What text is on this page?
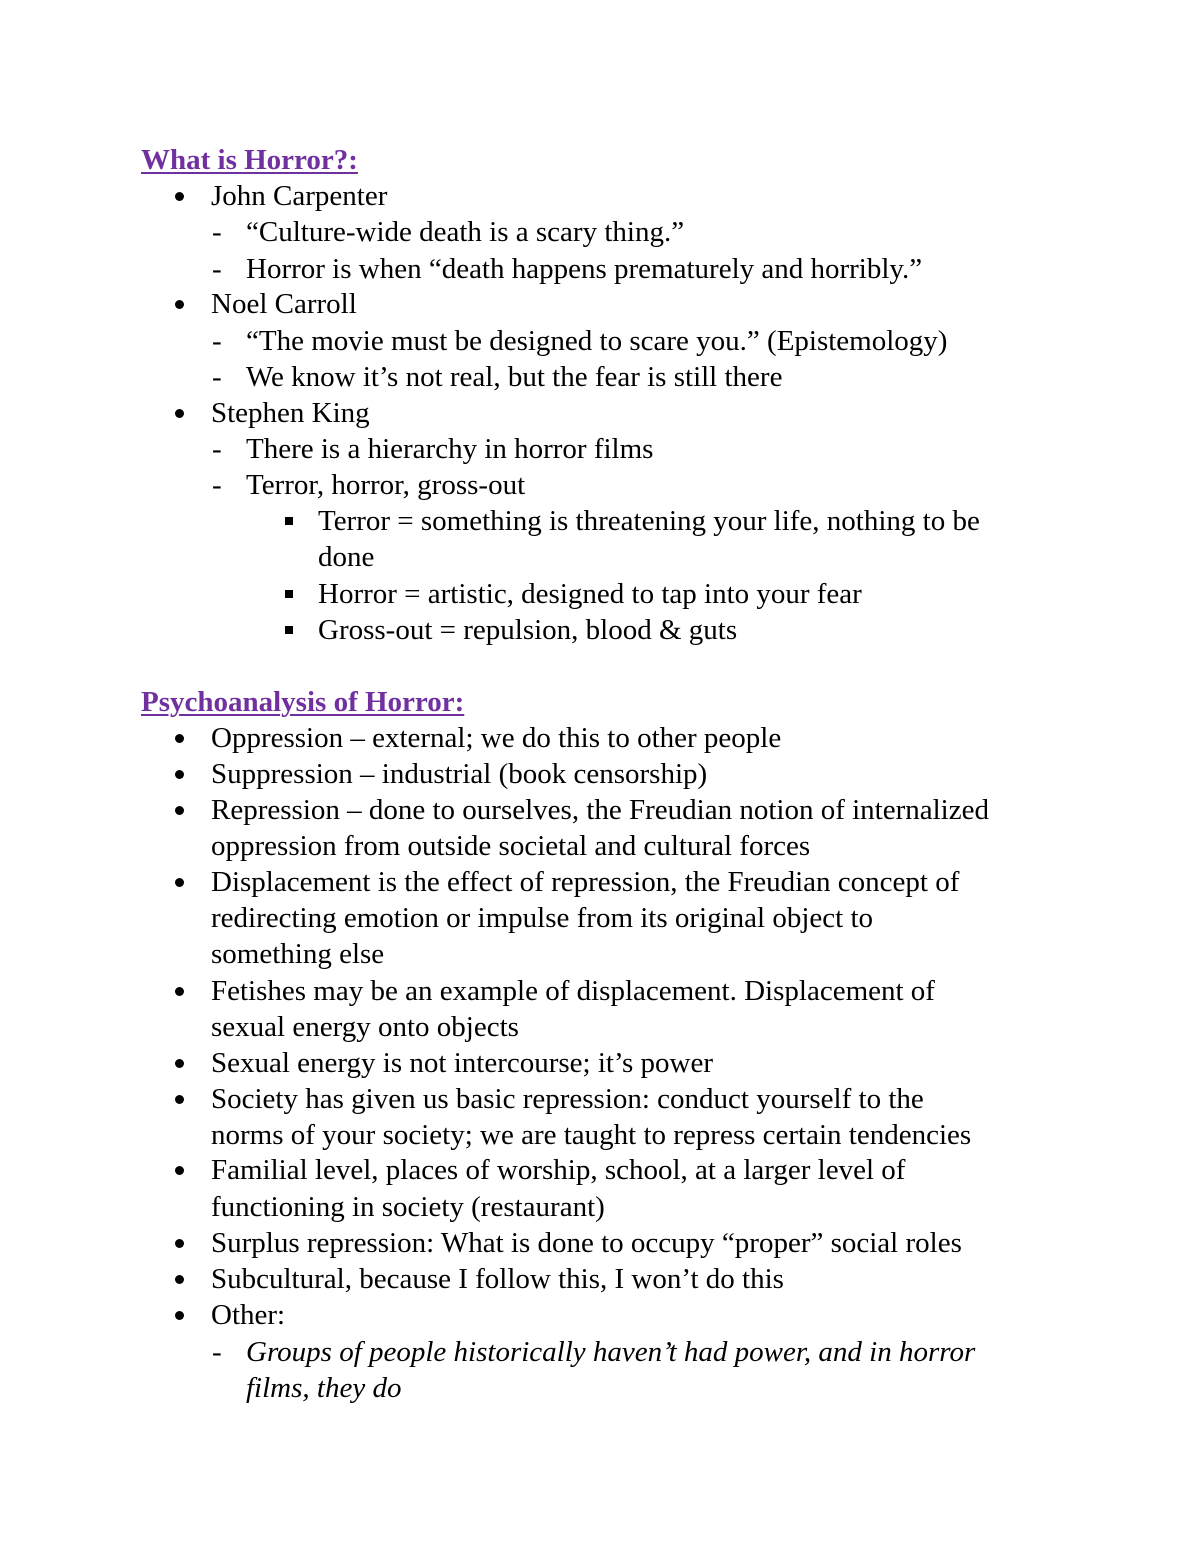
What is Horror?:
John Carpenter
- “Culture-wide death is a scary thing.”
- Horror is when “death happens prematurely and horribly.”
Noel Carroll
- “The movie must be designed to scare you.” (Epistemology)
- We know it’s not real, but the fear is still there
Stephen King
- There is a hierarchy in horror films
- Terror, horror, gross-out
Terror = something is threatening your life, nothing to be
done
Horror = artistic, designed to tap into your fear
Gross-out = repulsion, blood & guts
Psychoanalysis of Horror:
Oppression – external; we do this to other people
Suppression – industrial (book censorship)
Repression – done to ourselves, the Freudian notion of internalized
oppression from outside societal and cultural forces
Displacement is the effect of repression, the Freudian concept of
redirecting emotion or impulse from its original object to
something else
Fetishes may be an example of displacement. Displacement of
sexual energy onto objects
Sexual energy is not intercourse; it’s power
Society has given us basic repression: conduct yourself to the
norms of your society; we are taught to repress certain tendencies
Familial level, places of worship, school, at a larger level of
functioning in society (restaurant)
Surplus repression: What is done to occupy “proper” social roles
Subcultural, because I follow this, I won’t do this
Other:
- Groups of people historically haven’t had power, and in horror
films, they do
